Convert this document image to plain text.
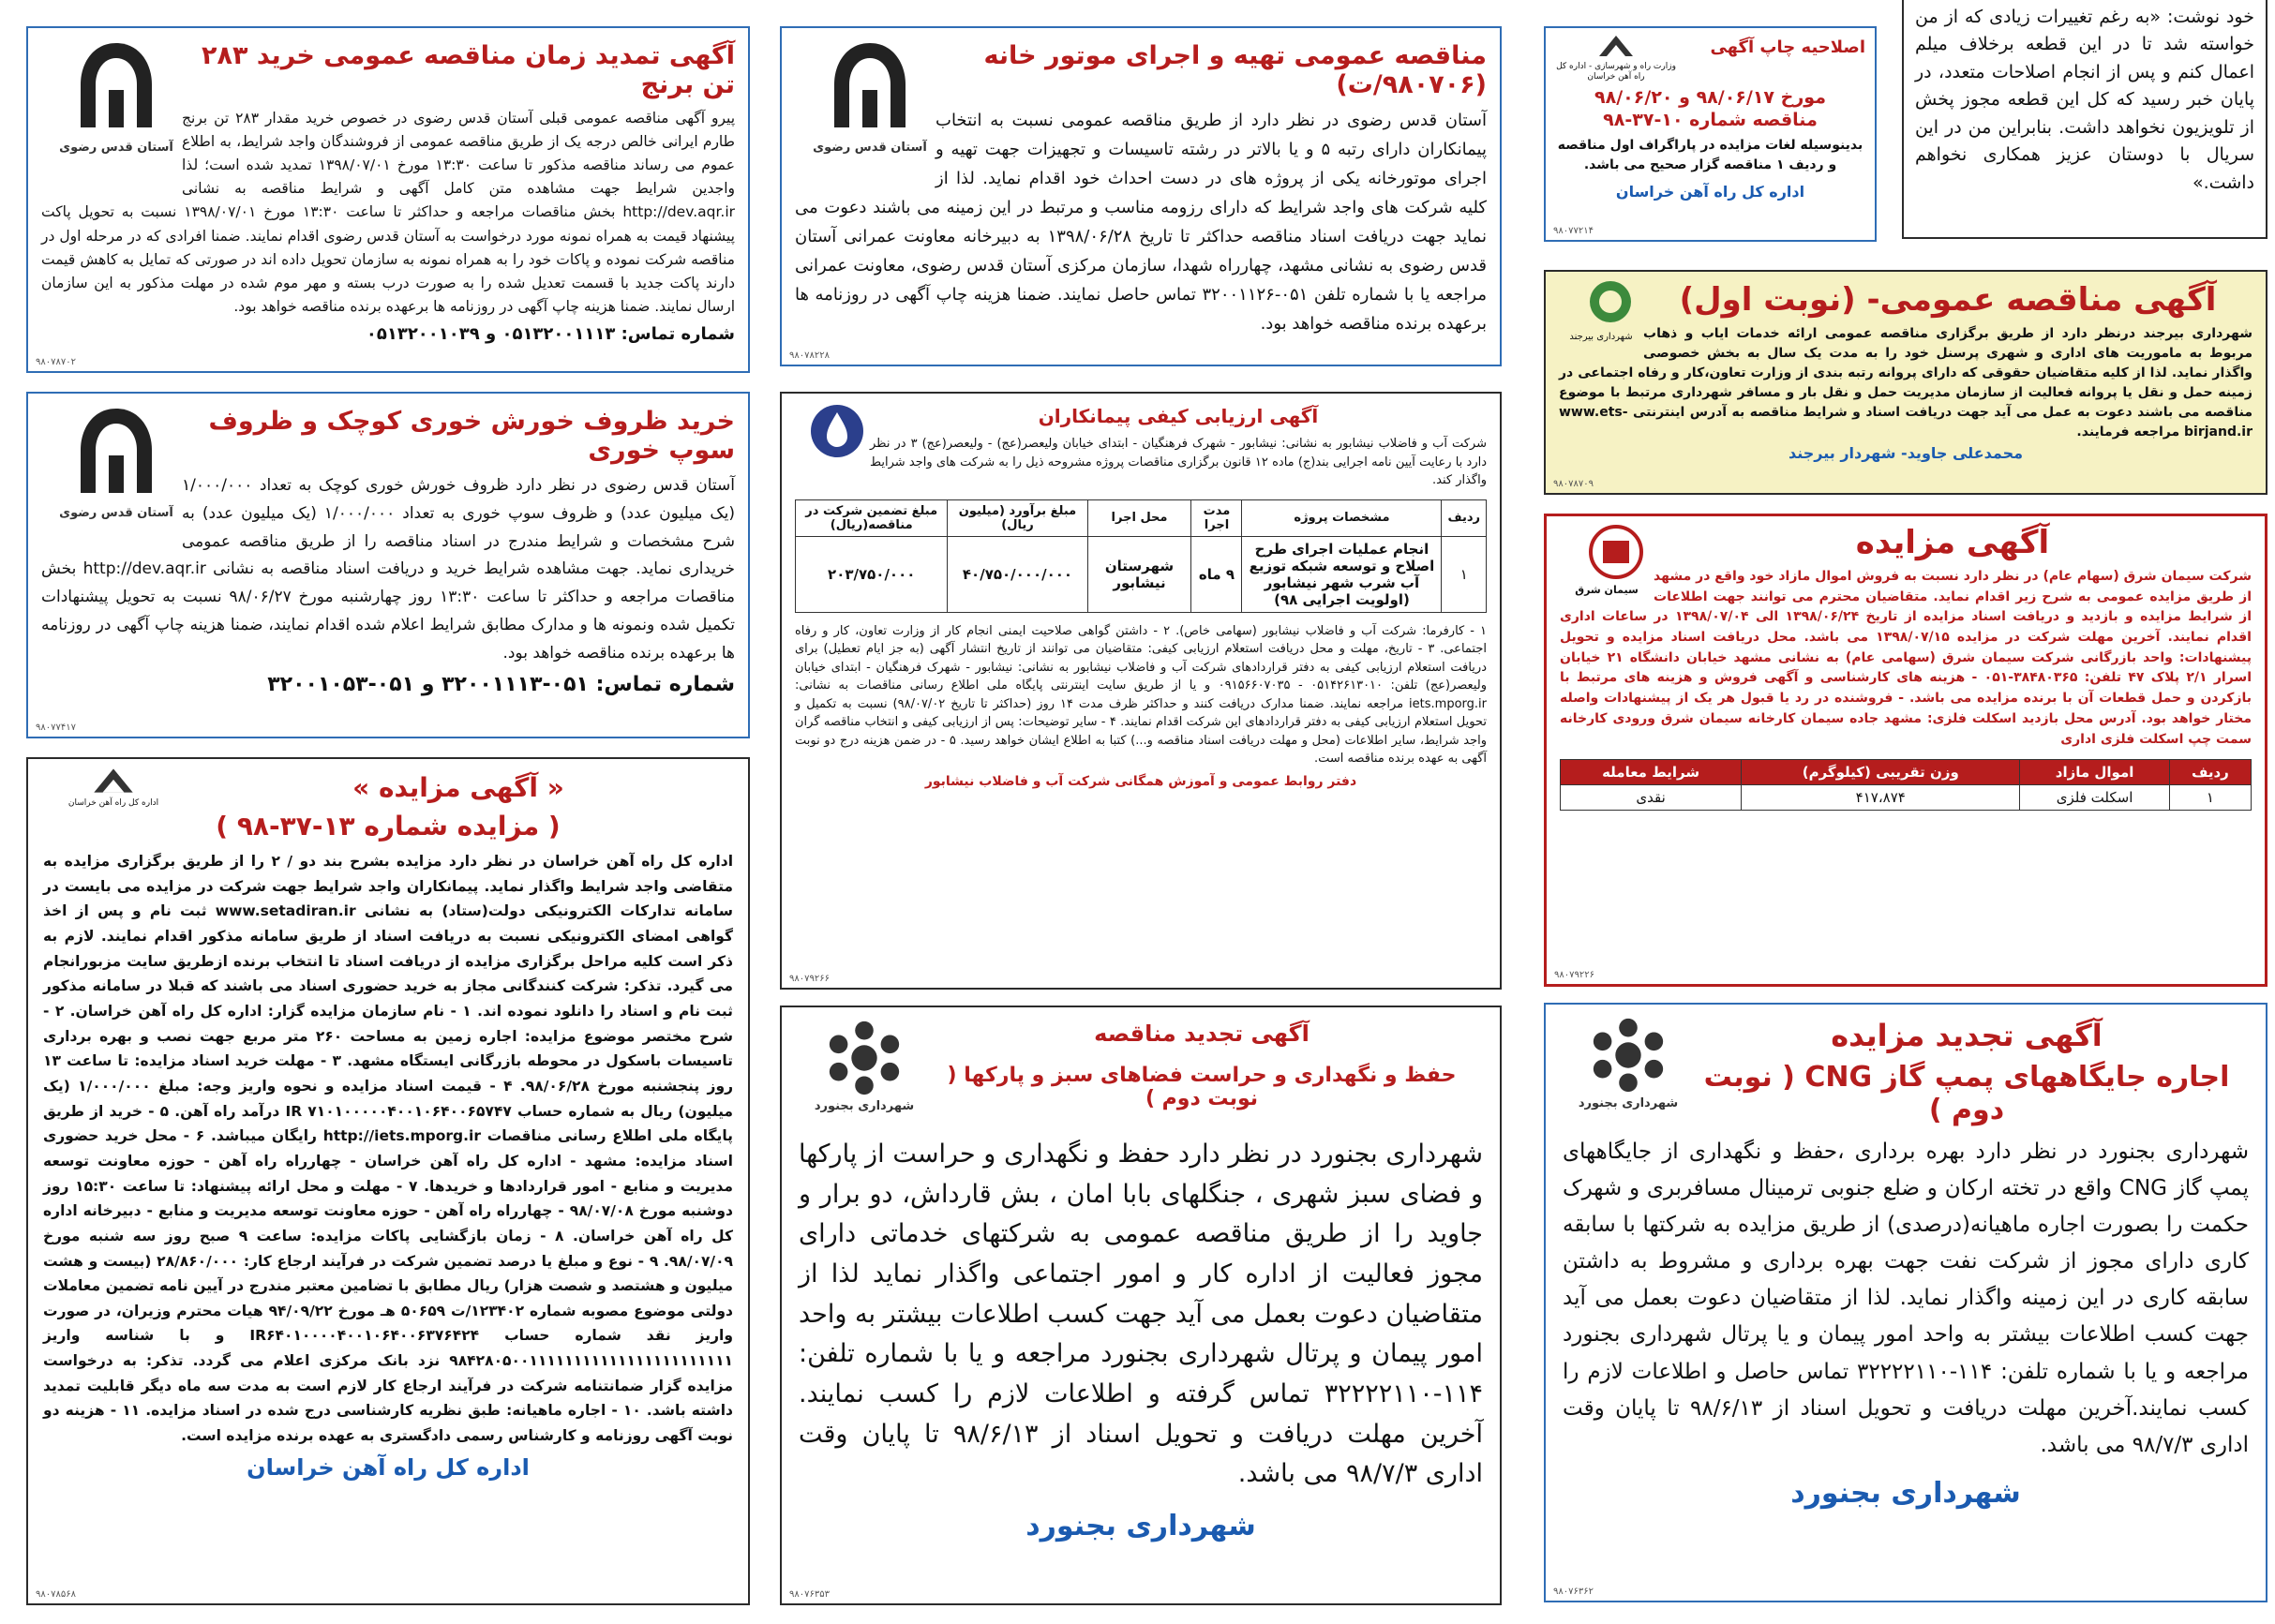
خود نوشت: «به رغم تغییرات زیادی که از من خواسته شد تا در این قطعه برخلاف میلم اعمال کنم و پس از انجام اصلاحات متعدد، در پایان خبر رسید که کل این قطعه مجوز پخش از تلویزیون نخواهد داشت. بنابراین من در این سریال با دوستان عزیز همکاری نخواهم داشت.»
وزارت راه و شهرسازی - اداره کل راه آهن خراسان
اصلاحیه چاپ آگهی
مورخ ۹۸/۰۶/۱۷ و ۹۸/۰۶/۲۰
مناقصه شماره ۱۰-۳۷-۹۸
بدینوسیله لغات مزایده در پاراگراف اول مناقصه و ردیف ۱ مناقصه گزار صحیح می باشد.
اداره کل راه آهن خراسان
۹۸۰۷۷۲۱۴
شهرداری بیرجند
آگهی مناقصه عمومی- (نوبت اول)
شهرداری بیرجند درنظر دارد از طریق برگزاری مناقصه عمومی ارائه خدمات ایاب و ذهاب مربوط به ماموریت های اداری و شهری پرسنل خود را به مدت یک سال به بخش خصوصی واگذار نماید. لذا از کلیه متقاضیان حقوقی که دارای پروانه رتبه بندی از وزارت تعاون،کار و رفاه اجتماعی در زمینه حمل و نقل یا پروانه فعالیت از سازمان مدیریت حمل و نقل بار و مسافر شهرداری مرتبط با موضوع مناقصه می باشند دعوت به عمل می آید جهت دریافت اسناد و شرایط مناقصه به آدرس اینترنتی www.ets-birjand.ir مراجعه فرمایند.
محمدعلی جاوید- شهردار بیرجند
۹۸۰۷۸۷۰۹
سیمان شرق
آگهی مزایده
شرکت سیمان شرق (سهام عام) در نظر دارد نسبت به فروش اموال مازاد خود واقع در مشهد از طریق مزایده عمومی به شرح زیر اقدام نماید. متقاضیان محترم می توانند جهت اطلاعات از شرایط مزایده و بازدید و دریافت اسناد مزایده از تاریخ ۱۳۹۸/۰۶/۲۴ الی ۱۳۹۸/۰۷/۰۴ در ساعات اداری اقدام نمایند. آخرین مهلت شرکت در مزایده ۱۳۹۸/۰۷/۱۵ می باشد. محل دریافت اسناد مزایده و تحویل پیشنهادات: واحد بازرگانی شرکت سیمان شرق (سهامی عام) به نشانی مشهد خیابان دانشگاه ۲۱ خیابان اسرار ۲/۱ پلاک ۴۷ تلفن: ۳۸۴۸۰۳۶۵-۰۵۱ - هزینه های کارشناسی و آگهی فروش و هزینه های مرتبط با بازکردن و حمل قطعات آن با برنده مزایده می باشد. - فروشنده در رد یا قبول هر یک از پیشنهادات واصله مختار خواهد بود. آدرس محل بازدید اسکلت فلزی: مشهد جاده سیمان کارخانه سیمان شرق ورودی کارخانه سمت چپ اسکلت فلزی اداری
ردیف	اموال مازاد	وزن تقریبی (کیلوگرم)	شرایط معامله
۱	اسکلت فلزی	۴۱۷،۸۷۴	نقدی
۹۸۰۷۹۲۲۶
شهرداری بجنورد
آگهی تجدید مزایده
اجاره جایگاههای پمپ گاز CNG ( نوبت دوم )
شهرداری بجنورد در نظر دارد بهره برداری ،حفظ و نگهداری از جایگاههای پمپ گاز CNG واقع در تخته ارکان و ضلع جنوبی ترمینال مسافربری و شهرک حکمت را بصورت اجاره ماهیانه(درصدی) از طریق مزایده به شرکتها با سابقه کاری دارای مجوز از شرکت نفت جهت بهره برداری و مشروط به داشتن سابقه کاری در این زمینه واگذار نماید. لذا از متقاضیان دعوت بعمل می آید جهت کسب اطلاعات بیشتر به واحد امور پیمان و یا پرتال شهرداری بجنورد مراجعه و یا با شماره تلفن: ۱۱۴-۳۲۲۲۲۱۱۰ تماس حاصل و اطلاعات لازم را کسب نمایند.آخرین مهلت دریافت و تحویل اسناد از ۹۸/۶/۱۳ تا پایان وقت اداری ۹۸/۷/۳ می باشد.
شهرداری بجنورد
۹۸۰۷۶۳۶۲
آستان قدس رضوی
مناقصه عمومی تهیه و اجرای موتور خانه (۹۸۰۷۰۶/ت)
آستان قدس رضوی در نظر دارد از طریق مناقصه عمومی نسبت به انتخاب پیمانکاران دارای رتبه ۵ و یا بالاتر در رشته تاسیسات و تجهیزات جهت تهیه و اجرای موتورخانه یکی از پروژه های در دست احداث خود اقدام نماید. لذا از کلیه شرکت های واجد شرایط که دارای رزومه مناسب و مرتبط در این زمینه می باشند دعوت می نماید جهت دریافت اسناد مناقصه حداکثر تا تاریخ ۱۳۹۸/۰۶/۲۸ به دبیرخانه معاونت عمرانی آستان قدس رضوی به نشانی مشهد، چهارراه شهدا، سازمان مرکزی آستان قدس رضوی، معاونت عمرانی مراجعه یا با شماره تلفن ۰۵۱-۳۲۰۰۱۱۲۶ تماس حاصل نمایند. ضمنا هزینه چاپ آگهی در روزنامه ها برعهده برنده مناقصه خواهد بود.
۹۸۰۷۸۲۲۸
آگهی ارزیابی کیفی پیمانکاران
شرکت آب و فاضلاب نیشابور به نشانی: نیشابور - شهرک فرهنگیان - ابتدای خیابان ولیعصر(عج) - ولیعصر(عج) ۳ در نظر دارد با رعایت آیین نامه اجرایی بند(ج) ماده ۱۲ قانون برگزاری مناقصات پروژه مشروحه ذیل را به شرکت های واجد شرایط واگذار کند.
ردیف	مشخصات پروژه	مدت اجرا	محل اجرا	مبلغ برآورد (میلیون ریال)	مبلغ تضمین شرکت در مناقصه(ریال)
۱	انجام عملیات اجرای طرح اصلاح و توسعه شبکه توزیع آب شرب شهر نیشابور (اولویت اجرایی ۹۸)	۹ ماه	شهرستان نیشابور	۴۰/۷۵۰/۰۰۰/۰۰۰	۲۰۳/۷۵۰/۰۰۰
۱ - کارفرما: شرکت آب و فاضلاب نیشابور (سهامی خاص). ۲ - داشتن گواهی صلاحیت ایمنی انجام کار از وزارت تعاون، کار و رفاه اجتماعی. ۳ - تاریخ، مهلت و محل دریافت استعلام ارزیابی کیفی: متقاضیان می توانند از تاریخ انتشار آگهی (به جز ایام تعطیل) برای دریافت استعلام ارزیابی کیفی به دفتر قراردادهای شرکت آب و فاضلاب نیشابور به نشانی: نیشابور - شهرک فرهنگیان - ابتدای خیابان ولیعصر(عج) تلفن: ۰۵۱۴۲۶۱۳۰۱۰ - ۰۹۱۵۶۶۰۷۰۳۵ و یا از طریق سایت اینترنتی پایگاه ملی اطلاع رسانی مناقصات به نشانی: iets.mporg.ir مراجعه نمایند. ضمنا مدارک دریافت کنند و حداکثر ظرف مدت ۱۴ روز (حداکثر تا تاریخ ۹۸/۰۷/۰۲) نسبت به تکمیل و تحویل استعلام ارزیابی کیفی به دفتر قراردادهای این شرکت اقدام نمایند. ۴ - سایر توضیحات: پس از ارزیابی کیفی و انتخاب مناقصه گران واجد شرایط، سایر اطلاعات (محل و مهلت دریافت اسناد مناقصه و...) کتبا به اطلاع ایشان خواهد رسید. ۵ - در ضمن هزینه درج دو نوبت آگهی به عهده برنده مناقصه است.
دفتر روابط عمومی و آموزش همگانی شرکت آب و فاضلاب نیشابور
۹۸۰۷۹۲۶۶
شهرداری بجنورد
آگهی تجدید مناقصه
حفظ و نگهداری و حراست فضاهای سبز و پارکها ( نوبت دوم )
شهرداری بجنورد در نظر دارد حفظ و نگهداری و حراست از پارکها و فضای سبز شهری ، جنگلهای بابا امان ، بش قارداش، دو برار و جاوید را از طریق مناقصه عمومی به شرکتهای خدماتی دارای مجوز فعالیت از اداره کار و امور اجتماعی واگذار نماید لذا از متقاضیان دعوت بعمل می آید جهت کسب اطلاعات بیشتر به واحد امور پیمان و پرتال شهرداری بجنورد مراجعه و یا با شماره تلفن: ۱۱۴-۳۲۲۲۲۱۱۰ تماس گرفته و اطلاعات لازم را کسب نمایند. آخرین مهلت دریافت و تحویل اسناد از ۹۸/۶/۱۳ تا پایان وقت اداری ۹۸/۷/۳ می باشد.
شهرداری بجنورد
۹۸۰۷۶۳۵۳
آستان قدس رضوی
آگهی تمدید زمان مناقصه عمومی خرید ۲۸۳ تن برنج
پیرو آگهی مناقصه عمومی قبلی آستان قدس رضوی در خصوص خرید مقدار ۲۸۳ تن برنج طارم ایرانی خالص درجه یک از طریق مناقصه عمومی از فروشندگان واجد شرایط، به اطلاع عموم می رساند مناقصه مذکور تا ساعت ۱۳:۳۰ مورخ ۱۳۹۸/۰۷/۰۱ تمدید شده است؛ لذا واجدین شرایط جهت مشاهده متن کامل آگهی و شرایط مناقصه به نشانی http://dev.aqr.ir بخش مناقصات مراجعه و حداکثر تا ساعت ۱۳:۳۰ مورخ ۱۳۹۸/۰۷/۰۱ نسبت به تحویل پاکت پیشنهاد قیمت به همراه نمونه مورد درخواست به آستان قدس رضوی اقدام نمایند. ضمنا افرادی که در مرحله اول در مناقصه شرکت نموده و پاکات خود را به همراه نمونه به سازمان تحویل داده اند در صورتی که تمایل به کاهش قیمت دارند پاکت جدید با قسمت تعدیل شده را به صورت درب بسته و مهر موم شده در مهلت مذکور به این سازمان ارسال نمایند. ضمنا هزینه چاپ آگهی در روزنامه ها برعهده برنده مناقصه خواهد بود.
شماره تماس: ۰۵۱۳۲۰۰۱۱۱۳ و ۰۵۱۳۲۰۰۱۰۳۹
۹۸۰۷۸۷۰۲
آستان قدس رضوی
خرید ظروف خورش خوری کوچک و ظروف سوپ خوری
آستان قدس رضوی در نظر دارد ظروف خورش خوری کوچک به تعداد ۱/۰۰۰/۰۰۰ (یک میلیون عدد) و ظروف سوپ خوری به تعداد ۱/۰۰۰/۰۰۰ (یک میلیون عدد) به شرح مشخصات و شرایط مندرج در اسناد مناقصه را از طریق مناقصه عمومی خریداری نماید. جهت مشاهده شرایط خرید و دریافت اسناد مناقصه به نشانی http://dev.aqr.ir بخش مناقصات مراجعه و حداکثر تا ساعت ۱۳:۳۰ روز چهارشنبه مورخ ۹۸/۰۶/۲۷ نسبت به تحویل پیشنهادات تکمیل شده ونمونه ها و مدارک مطابق شرایط اعلام شده اقدام نمایند، ضمنا هزینه چاپ آگهی در روزنامه ها برعهده برنده مناقصه خواهد بود.
شماره تماس: ۰۵۱-۳۲۰۰۱۱۱۳ و ۰۵۱-۳۲۰۰۱۰۵۳
۹۸۰۷۷۴۱۷
اداره کل راه آهن خراسان	« آگهی مزایده »
( مزایده شماره ۱۳-۳۷-۹۸ )
اداره کل راه آهن خراسان در نظر دارد مزایده بشرح بند دو / ۲ را از طریق برگزاری مزایده به متقاضی واجد شرایط واگذار نماید. پیمانکاران واجد شرایط جهت شرکت در مزایده می بایست در سامانه تدارکات الکترونیکی دولت(ستاد) به نشانی www.setadiran.ir ثبت نام و پس از اخذ گواهی امضای الکترونیکی نسبت به دریافت اسناد از طریق سامانه مذکور اقدام نمایند. لازم به ذکر است کلیه مراحل برگزاری مزایده از دریافت اسناد تا انتخاب برنده ازطریق سایت مزبورانجام می گیرد. تذکر: شرکت کنندگانی مجاز به خرید حضوری اسناد می باشند که قبلا در سامانه مذکور ثبت نام و اسناد را دانلود نموده اند. ۱ - نام سازمان مزایده گزار: اداره کل راه آهن خراسان. ۲ - شرح مختصر موضوع مزایده: اجاره زمین به مساحت ۲۶۰ متر مربع جهت نصب و بهره برداری تاسیسات باسکول در محوطه بازرگانی ایستگاه مشهد. ۳ - مهلت خرید اسناد مزایده: تا ساعت ۱۳ روز پنجشنبه مورخ ۹۸/۰۶/۲۸. ۴ - قیمت اسناد مزایده و نحوه واریز وجه: مبلغ ۱/۰۰۰/۰۰۰ (یک میلیون) ریال به شماره حساب IR ۷۱۰۱۰۰۰۰۰۴۰۰۱۰۶۴۰۰۶۵۷۴۷ درآمد راه آهن. ۵ - خرید از طریق پایگاه ملی اطلاع رسانی مناقصات http://iets.mporg.ir رایگان میباشد. ۶ - محل خرید حضوری اسناد مزایده: مشهد - اداره کل راه آهن خراسان - چهارراه راه آهن - حوزه معاونت توسعه مدیریت و منابع - امور قراردادها و خریدها. ۷ - مهلت و محل ارائه پیشنهاد: تا ساعت ۱۵:۳۰ روز دوشنبه مورخ ۹۸/۰۷/۰۸ - چهارراه راه آهن - حوزه معاونت توسعه مدیریت و منابع - دبیرخانه اداره کل راه آهن خراسان. ۸ - زمان بازگشایی پاکات مزایده: ساعت ۹ صبح روز سه شنبه مورخ ۹۸/۰۷/۰۹. ۹ - نوع و مبلغ یا درصد تضمین شرکت در فرآیند ارجاع کار: ۲۸/۸۶۰/۰۰۰ (بیست و هشت میلیون و هشتصد و شصت هزار) ریال مطابق با تضامین معتبر مندرج در آیین نامه تضمین معاملات دولتی موضوع مصوبه شماره ۱۲۳۴۰۲/ت ۵۰۶۵۹ هـ مورخ ۹۴/۰۹/۲۲ هیات محترم وزیران، در صورت واریز نقد شماره حساب IR۶۴۰۱۰۰۰۰۴۰۰۱۰۶۴۰۰۶۳۷۶۴۲۴ و با شناسه واریز ۹۸۴۲۸۰۵۰۰۱۱۱۱۱۱۱۱۱۱۱۱۱۱۱۱۱۱۱۱۱۱۱ نزد بانک مرکزی اعلام می گردد. تذکر: به درخواست مزایده گزار ضمانتنامه شرکت در فرآیند ارجاع کار لازم است به مدت سه ماه دیگر قابلیت تمدید داشته باشد. ۱۰ - اجاره ماهیانه: طبق نظریه کارشناسی درج شده در اسناد مزایده. ۱۱ - هزینه دو نوبت آگهی روزنامه و کارشناس رسمی دادگستری به عهده برنده مزایده است.
اداره کل راه آهن خراسان
۹۸۰۷۸۵۶۸
